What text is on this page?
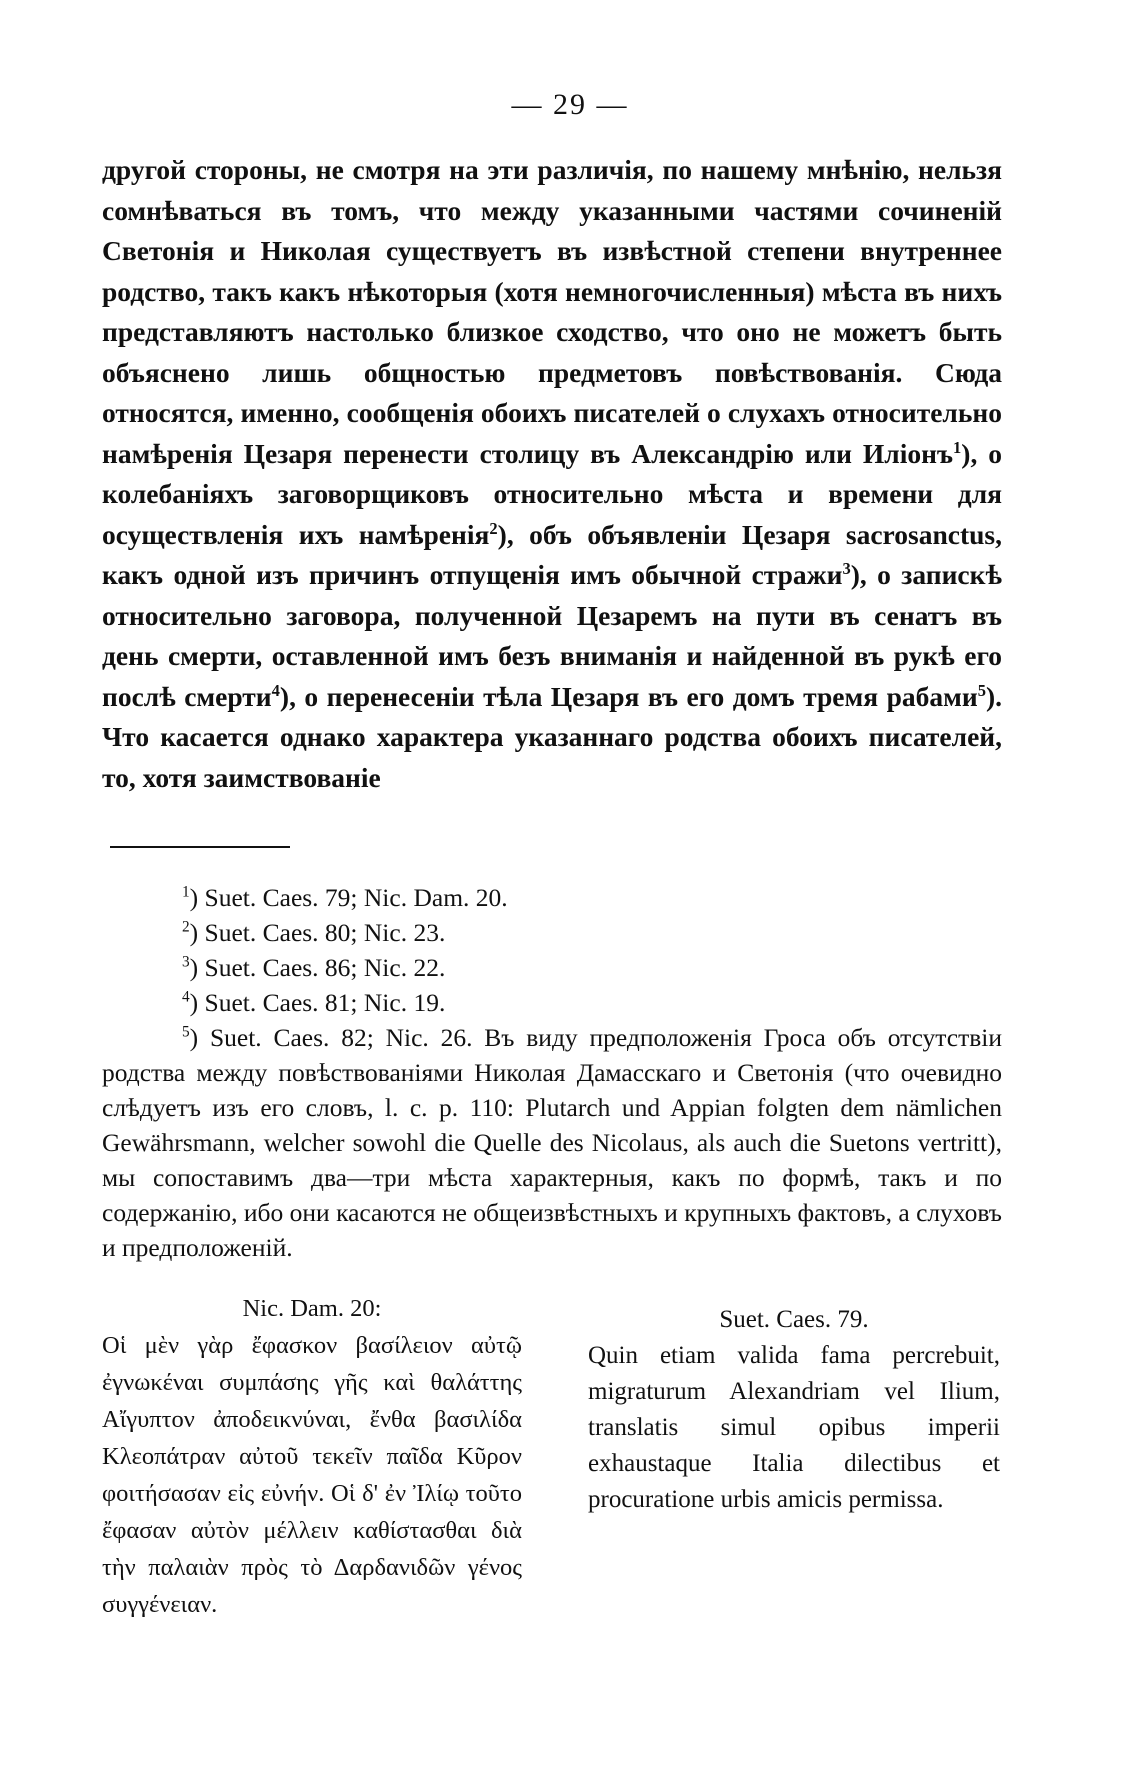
— 29 —

другой стороны, не смотря на эти различія, по нашему мнѣнію, нельзя сомнѣваться въ томъ, что между указанными частями сочиненій Светонія и Николая существуетъ въ извѣстной степени внутреннее родство, такъ какъ нѣкоторыя (хотя немногочисленныя) мѣста въ нихъ представляютъ настолько близкое сходство, что оно не можетъ быть объяснено лишь общностью предметовъ повѣствованія. Сюда относятся, именно, сообщенія обоихъ писателей о слухахъ относительно намѣренія Цезаря перенести столицу въ Александрію или Иліонъ$^1$), о колебаніяхъ заговорщиковъ относительно мѣста и времени для осуществленія ихъ намѣренія$^2$), объ объявленіи Цезаря sacrosanctus, какъ одной изъ причинъ отпущенія имъ обычной стражи$^3$), о запискѣ относительно заговора, полученной Цезаремъ на пути въ сенатъ въ день смерти, оставленной имъ безъ вниманія и найденной въ рукѣ его послѣ смерти$^4$), о перенесеніи тѣла Цезаря въ его домъ тремя рабами$^5$). Что касается однако характера указаннаго родства обоихъ писателей, то, хотя заимствованіе

$^1$) Suet. Caes. 79; Nic. Dam. 20.
$^2$) Suet. Caes. 80; Nic. 23.
$^3$) Suet. Caes. 86; Nic. 22.
$^4$) Suet. Caes. 81; Nic. 19.
$^5$) Suet. Caes. 82; Nic. 26. Въ виду предположенія Гроса объ отсутствіи родства между повѣствованіями Николая Дамасскаго и Светонія (что очевидно слѣдуетъ изъ его словъ, l. c. p. 110: Plutarch und Appian folgten dem nämlichen Gewährsmann, welcher sowohl die Quelle des Nicolaus, als auch die Suetons vertritt), мы сопоставимъ два—три мѣста характерныя, какъ по формѣ, такъ и по содержанію, ибо они касаются не общеизвѣстныхъ и крупныхъ фактовъ, а слуховъ и предположеній.

Nic. Dam. 20:

Οἱ μὲν γὰρ ἔφασκον βασίλειον αὐτῷ ἐγνωκέναι συμπάσης γῆς καὶ θαλάττης Αἴγυπτον ἀποδεικνύναι, ἔνθα βασιλίδα Κλεοπάτραν αὐτοῦ τεκεῖν παῖδα Κῦρον φοιτήσασαν εἰς εὐνήν. Οἱ δ' ἐν Ἰλίῳ τοῦτο ἔφασαν αὐτὸν μέλλειν καθίστασθαι διὰ τὴν παλαιὰν πρὸς τὸ Δαρδανιδῶν γένος συγγένειαν.

Suet. Caes. 79.

Quin etiam valida fama percrebuit, migraturum Alexandriam vel Ilium, translatis simul opibus imperii exhaustaque Italia dilectibus et procuratione urbis amicis permissa.
